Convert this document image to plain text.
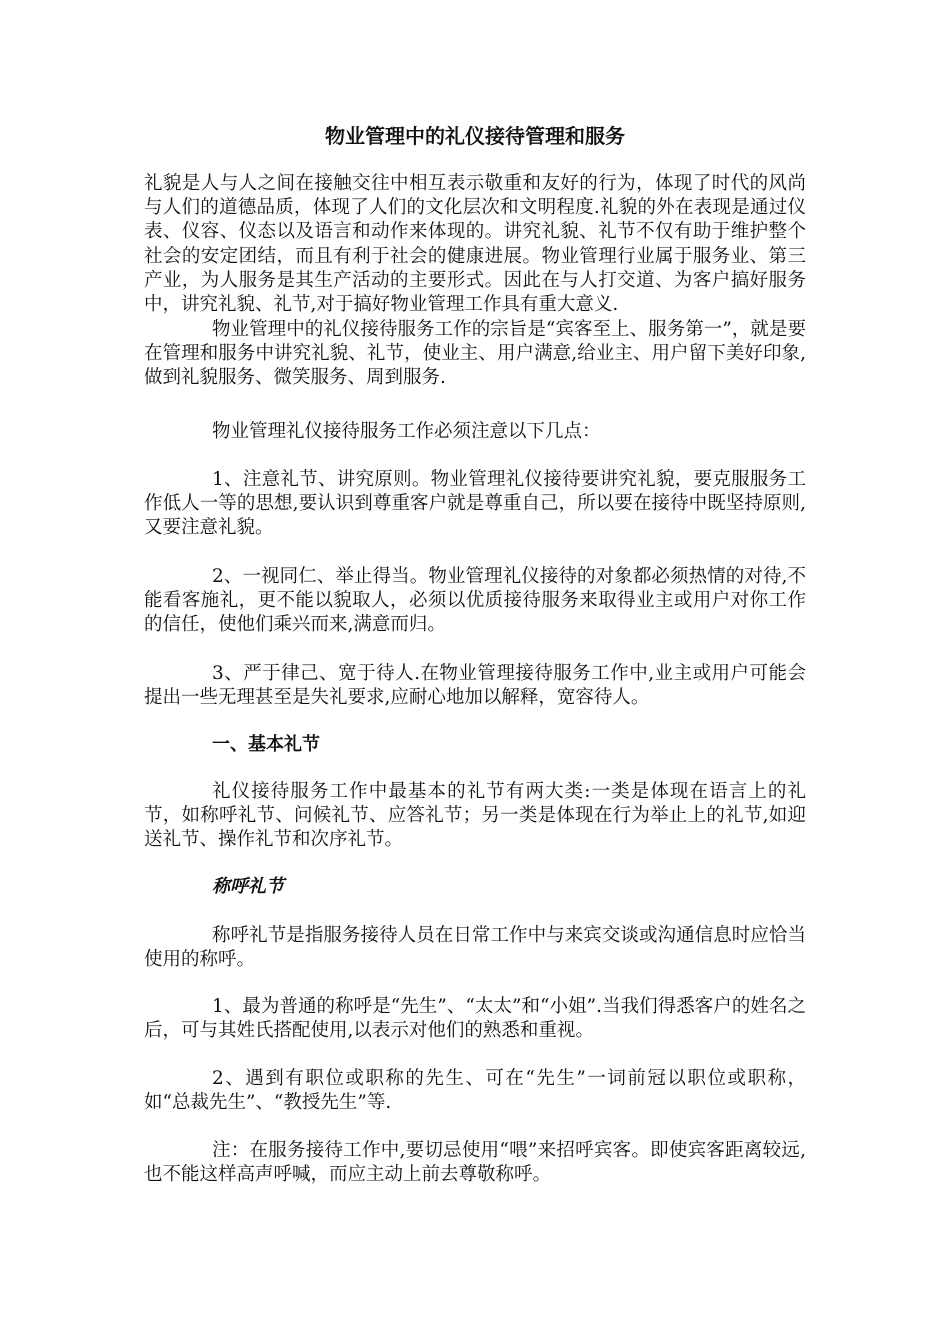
物业管理中的礼仪接待管理和服务

礼貌是人与人之间在接触交往中相互表示敬重和友好的行为，体现了时代的风尚与人们的道德品质，体现了人们的文化层次和文明程度.礼貌的外在表现是通过仪表、仪容、仪态以及语言和动作来体现的。讲究礼貌、礼节不仅有助于维护整个社会的安定团结，而且有利于社会的健康进展。物业管理行业属于服务业、第三产业，为人服务是其生产活动的主要形式。因此在与人打交道、为客户搞好服务中，讲究礼貌、礼节,对于搞好物业管理工作具有重大意义.

物业管理中的礼仪接待服务工作的宗旨是“宾客至上、服务第一”，就是要在管理和服务中讲究礼貌、礼节，使业主、用户满意,给业主、用户留下美好印象,做到礼貌服务、微笑服务、周到服务.

物业管理礼仪接待服务工作必须注意以下几点：

1、注意礼节、讲究原则。物业管理礼仪接待要讲究礼貌，要克服服务工作低人一等的思想,要认识到尊重客户就是尊重自己，所以要在接待中既坚持原则,又要注意礼貌。

2、一视同仁、举止得当。物业管理礼仪接待的对象都必须热情的对待,不能看客施礼，更不能以貌取人，必须以优质接待服务来取得业主或用户对你工作的信任，使他们乘兴而来,满意而归。

3、严于律己、宽于待人.在物业管理接待服务工作中,业主或用户可能会提出一些无理甚至是失礼要求,应耐心地加以解释，宽容待人。

一、基本礼节

礼仪接待服务工作中最基本的礼节有两大类:一类是体现在语言上的礼节，如称呼礼节、问候礼节、应答礼节；另一类是体现在行为举止上的礼节,如迎送礼节、操作礼节和次序礼节。

称呼礼节

称呼礼节是指服务接待人员在日常工作中与来宾交谈或沟通信息时应恰当使用的称呼。

1、最为普通的称呼是“先生”、“太太”和“小姐”.当我们得悉客户的姓名之后，可与其姓氏搭配使用,以表示对他们的熟悉和重视。

2、遇到有职位或职称的先生、可在“先生”一词前冠以职位或职称，如“总裁先生”、“教授先生”等.

注：在服务接待工作中,要切忌使用“喂”来招呼宾客。即使宾客距离较远,也不能这样高声呼喊，而应主动上前去尊敬称呼。
